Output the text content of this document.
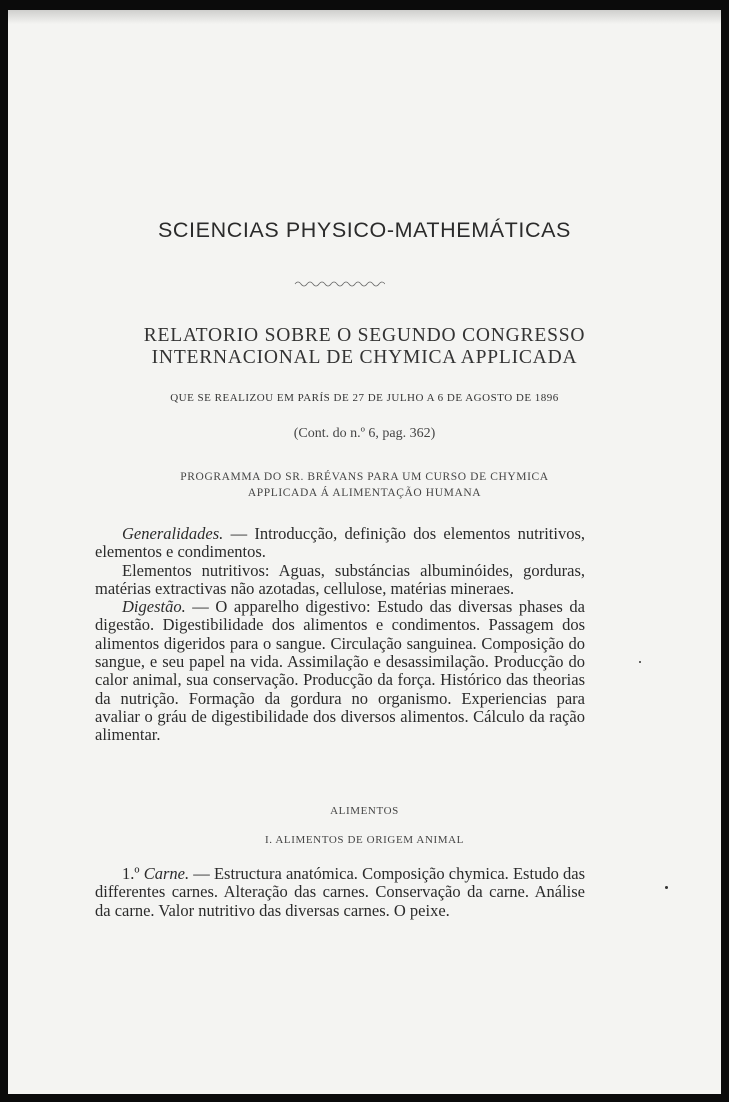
SCIENCIAS PHYSICO-MATHEMÁTICAS
RELATORIO SOBRE O SEGUNDO CONGRESSO
INTERNACIONAL DE CHYMICA APPLICADA
QUE SE REALIZOU EM PARÍS DE 27 DE JULHO A 6 DE AGOSTO DE 1896
(Cont. do n.º 6, pag. 362)
PROGRAMMA DO SR. BRÉVANS PARA UM CURSO DE CHYMICA
APPLICADA Á ALIMENTAÇÃO HUMANA

Generalidades. — Introducção, definição dos elementos nutritivos, elementos e condimentos.

Elementos nutritivos: Aguas, substáncias albuminóides, gorduras, matérias extractivas não azotadas, cellulose, matérias mineraes.

Digestão. — O apparelho digestivo: Estudo das diversas phases da digestão. Digestibilidade dos alimentos e condimentos. Passagem dos alimentos digeridos para o sangue. Circulação sanguinea. Composição do sangue, e seu papel na vida. Assimilação e desassimilação. Producção do calor animal, sua conservação. Producção da força. Histórico das theorias da nutrição. Formação da gordura no organismo. Experiencias para avaliar o gráu de digestibilidade dos diversos alimentos. Cálculo da ração alimentar.

ALIMENTOS
I. ALIMENTOS DE ORIGEM ANIMAL

1.º Carne. — Estructura anatómica. Composição chymica. Estudo das differentes carnes. Alteração das carnes. Conservação da carne. Análise da carne. Valor nutritivo das diversas carnes. O peixe.
